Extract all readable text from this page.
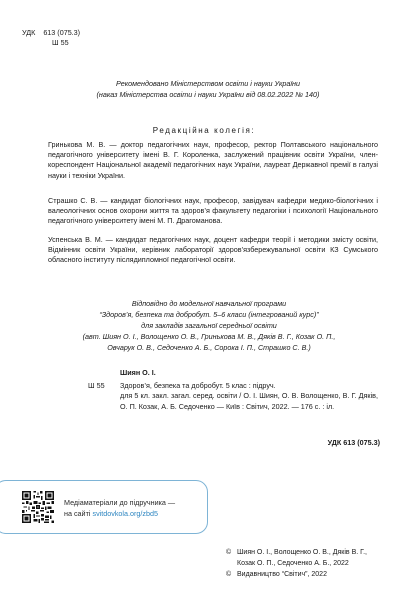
УДК 613 (075.3)
Ш 55
Рекомендовано Міністерством освіти і науки України
(наказ Міністерства освіти і науки України від 08.02.2022 № 140)
Редакційна колегія:
Гринькова М. В. — доктор педагогічних наук, професор, ректор Полтавського національного педагогічного університету імені В. Г. Короленка, заслужений працівник освіти України, член-кореспондент Національної академії педагогічних наук України, лауреат Державної премії в галузі науки і техніки України.
Страшко С. В. — кандидат біологічних наук, професор, завідувач кафедри медико-біологічних і валеологічних основ охорони життя та здоров’я факультету педагогіки і психології Національного педагогічного університету імені М. П. Драгоманова.
Успенська В. М. — кандидат педагогічних наук, доцент кафедри теорії і методики змісту освіти, Відмінник освіти України, керівник лабораторії здоров’язбережувальної освіти КЗ Сумського обласного інституту післядипломної педагогічної освіти.
Відповідно до модельної навчальної програми
“Здоров’я, безпека та добробут. 5–6 класи (інтегрований курс)”
для закладів загальної середньої освіти
(авт. Шиян О. І., Волощенко О. В., Гринькова М. В., Дяків В. Г., Козак О. П.,
Овчарук О. В., Седоченко А. Б., Сорока І. П., Страшко С. В.)
Шиян О. І.
Ш 55	Здоров’я, безпека та добробут. 5 клас : підруч.
для 5 кл. закл. загал. серед. освіти / О. І. Шиян, О. В. Волощенко, В. Г. Дяків, О. П. Козак, А. Б. Седоченко — Київ : Світич, 2022. — 176 с. : іл.
УДК 613 (075.3)
Медіаматеріали до підручника —
на сайті svitdovkola.org/zbd5
© Шиян О. І., Волощенко О. В., Дяків В. Г.,
Козак О. П., Седоченко А. Б., 2022
© Видавництво “Світич”, 2022
